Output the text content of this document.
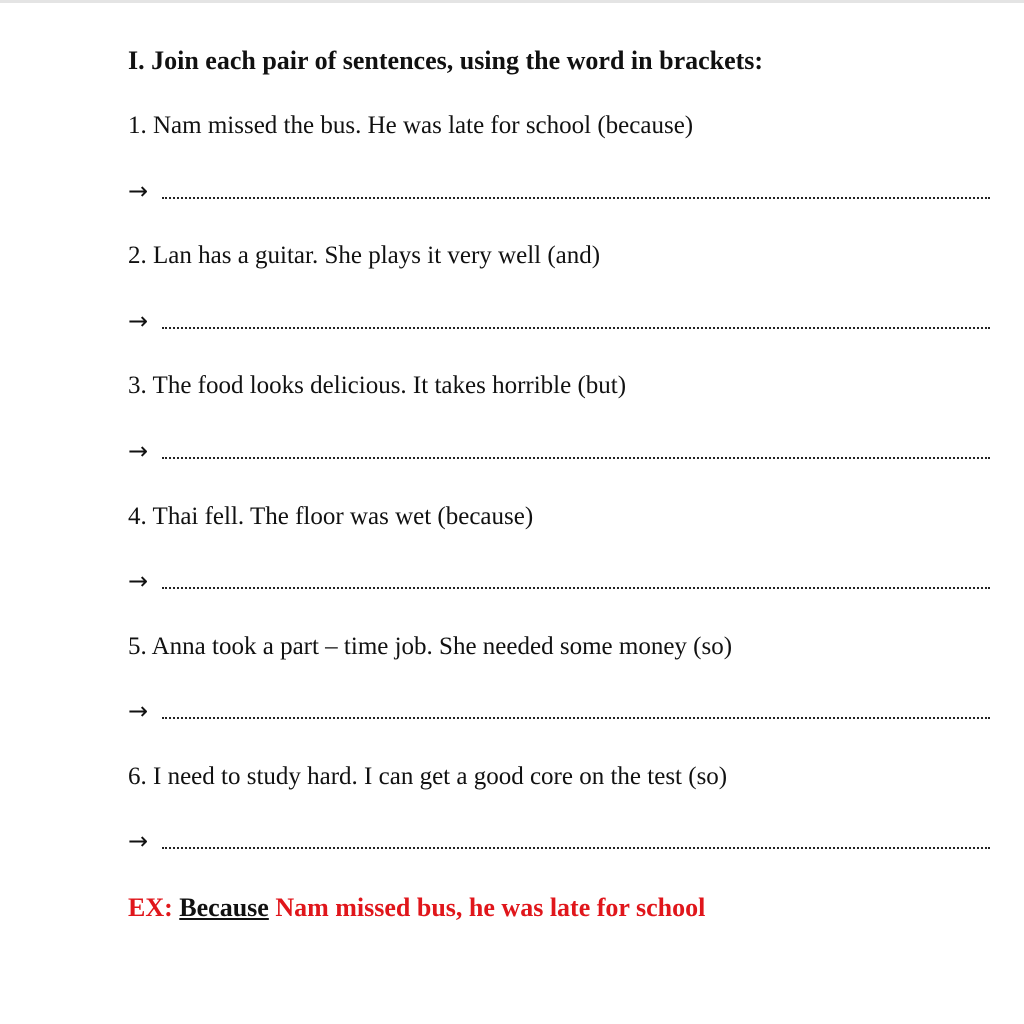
I. Join each pair of sentences, using the word in brackets:
1. Nam missed the bus. He was late for school (because)
→
2. Lan has a guitar. She plays it very well (and)
→
3. The food looks delicious. It takes horrible (but)
→
4. Thai fell. The floor was wet (because)
→
5. Anna took a part – time job. She needed some money (so)
→
6. I need to study hard. I can get a good core on the test (so)
→
EX: Because Nam missed bus, he was late for school
